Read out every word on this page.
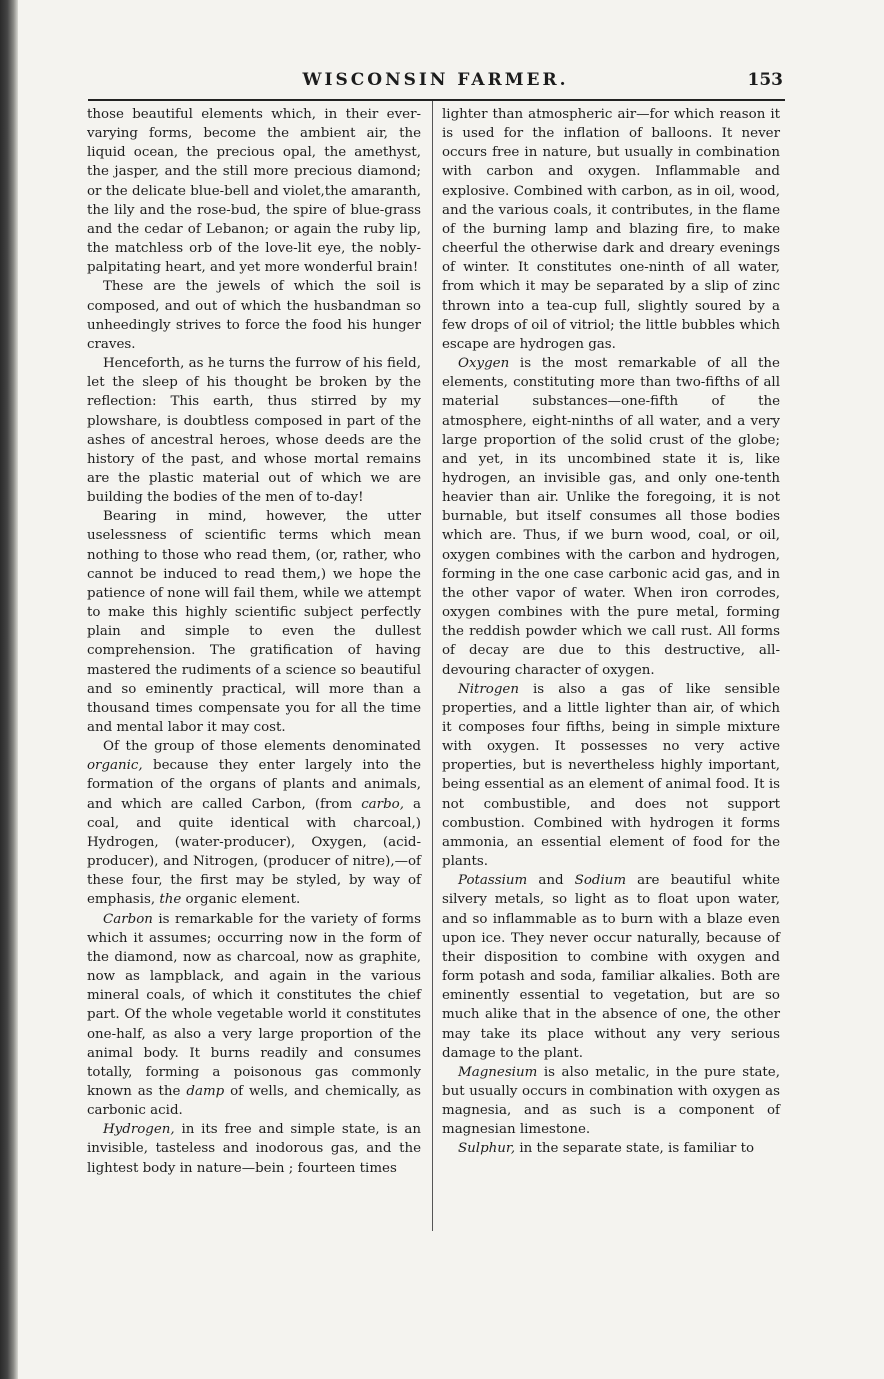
WISCONSIN FARMER.	153

those beautiful elements which, in their ever-varying forms, become the ambient air, the liquid ocean, the precious opal, the amethyst, the jasper, and the still more precious diamond; or the delicate blue-bell and violet,the amaranth, the lily and the rose-bud, the spire of blue-grass and the cedar of Lebanon; or again the ruby lip, the matchless orb of the love-lit eye, the nobly-palpitating heart, and yet more wonderful brain!

These are the jewels of which the soil is composed, and out of which the husbandman so unheedingly strives to force the food his hunger craves.

Henceforth, as he turns the furrow of his field, let the sleep of his thought be broken by the reflection: This earth, thus stirred by my plowshare, is doubtless composed in part of the ashes of ancestral heroes, whose deeds are the history of the past, and whose mortal remains are the plastic material out of which we are building the bodies of the men of to-day!

Bearing in mind, however, the utter uselessness of scientific terms which mean nothing to those who read them, (or, rather, who cannot be induced to read them,) we hope the patience of none will fail them, while we attempt to make this highly scientific subject perfectly plain and simple to even the dullest comprehension. The gratification of having mastered the rudiments of a science so beautiful and so eminently practical, will more than a thousand times compensate you for all the time and mental labor it may cost.

Of the group of those elements denominated organic, because they enter largely into the formation of the organs of plants and animals, and which are called Carbon, (from carbo, a coal, and quite identical with charcoal,) Hydrogen, (water-producer), Oxygen, (acid-producer), and Nitrogen, (producer of nitre),—of these four, the first may be styled, by way of emphasis, the organic element.

Carbon is remarkable for the variety of forms which it assumes; occurring now in the form of the diamond, now as charcoal, now as graphite, now as lampblack, and again in the various mineral coals, of which it constitutes the chief part. Of the whole vegetable world it constitutes one-half, as also a very large proportion of the animal body. It burns readily and consumes totally, forming a poisonous gas commonly known as the damp of wells, and chemically, as carbonic acid.

Hydrogen, in its free and simple state, is an invisible, tasteless and inodorous gas, and the lightest body in nature—bein ; fourteen times

lighter than atmospheric air—for which reason it is used for the inflation of balloons. It never occurs free in nature, but usually in combination with carbon and oxygen. Inflammable and explosive. Combined with carbon, as in oil, wood, and the various coals, it contributes, in the flame of the burning lamp and blazing fire, to make cheerful the otherwise dark and dreary evenings of winter. It constitutes one-ninth of all water, from which it may be separated by a slip of zinc thrown into a tea-cup full, slightly soured by a few drops of oil of vitriol; the little bubbles which escape are hydrogen gas.

Oxygen is the most remarkable of all the elements, constituting more than two-fifths of all material substances—one-fifth of the atmosphere, eight-ninths of all water, and a very large proportion of the solid crust of the globe; and yet, in its uncombined state it is, like hydrogen, an invisible gas, and only one-tenth heavier than air. Unlike the foregoing, it is not burnable, but itself consumes all those bodies which are. Thus, if we burn wood, coal, or oil, oxygen combines with the carbon and hydrogen, forming in the one case carbonic acid gas, and in the other vapor of water. When iron corrodes, oxygen combines with the pure metal, forming the reddish powder which we call rust. All forms of decay are due to this destructive, all-devouring character of oxygen.

Nitrogen is also a gas of like sensible properties, and a little lighter than air, of which it composes four fifths, being in simple mixture with oxygen. It possesses no very active properties, but is nevertheless highly important, being essential as an element of animal food. It is not combustible, and does not support combustion. Combined with hydrogen it forms ammonia, an essential element of food for the plants.

Potassium and Sodium are beautiful white silvery metals, so light as to float upon water, and so inflammable as to burn with a blaze even upon ice. They never occur naturally, because of their disposition to combine with oxygen and form potash and soda, familiar alkalies. Both are eminently essential to vegetation, but are so much alike that in the absence of one, the other may take its place without any very serious damage to the plant.

Magnesium is also metalic, in the pure state, but usually occurs in combination with oxygen as magnesia, and as such is a component of magnesian limestone.

Sulphur, in the separate state, is familiar to
